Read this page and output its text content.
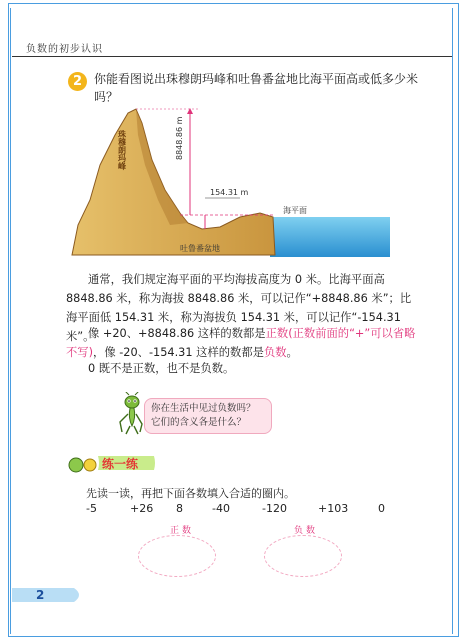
负数的初步认识
2 你能看图说出珠穆朗玛峰和吐鲁番盆地比海平面高或低多少米吗？
珠穆朗玛峰	8848.86 m
154.31 m
海平面
吐鲁番盆地
通常，我们规定海平面的平均海拔高度为 0 米。比海平面高 8848.86 米，称为海拔 8848.86 米，可以记作“+8848.86 米”；比海平面低 154.31 米，称为海拔负 154.31 米，可以记作“-154.31 米”。
像 +20、+8848.86 这样的数都是正数(正数前面的“+”可以省略不写)，像 -20、-154.31 这样的数都是负数。
0 既不是正数，也不是负数。
你在生活中见过负数吗？
它们的含义各是什么？
练一练
先读一读，再把下面各数填入合适的圈内。
-5	+26 8	-40	-120	+103	0
正数	负数
2
